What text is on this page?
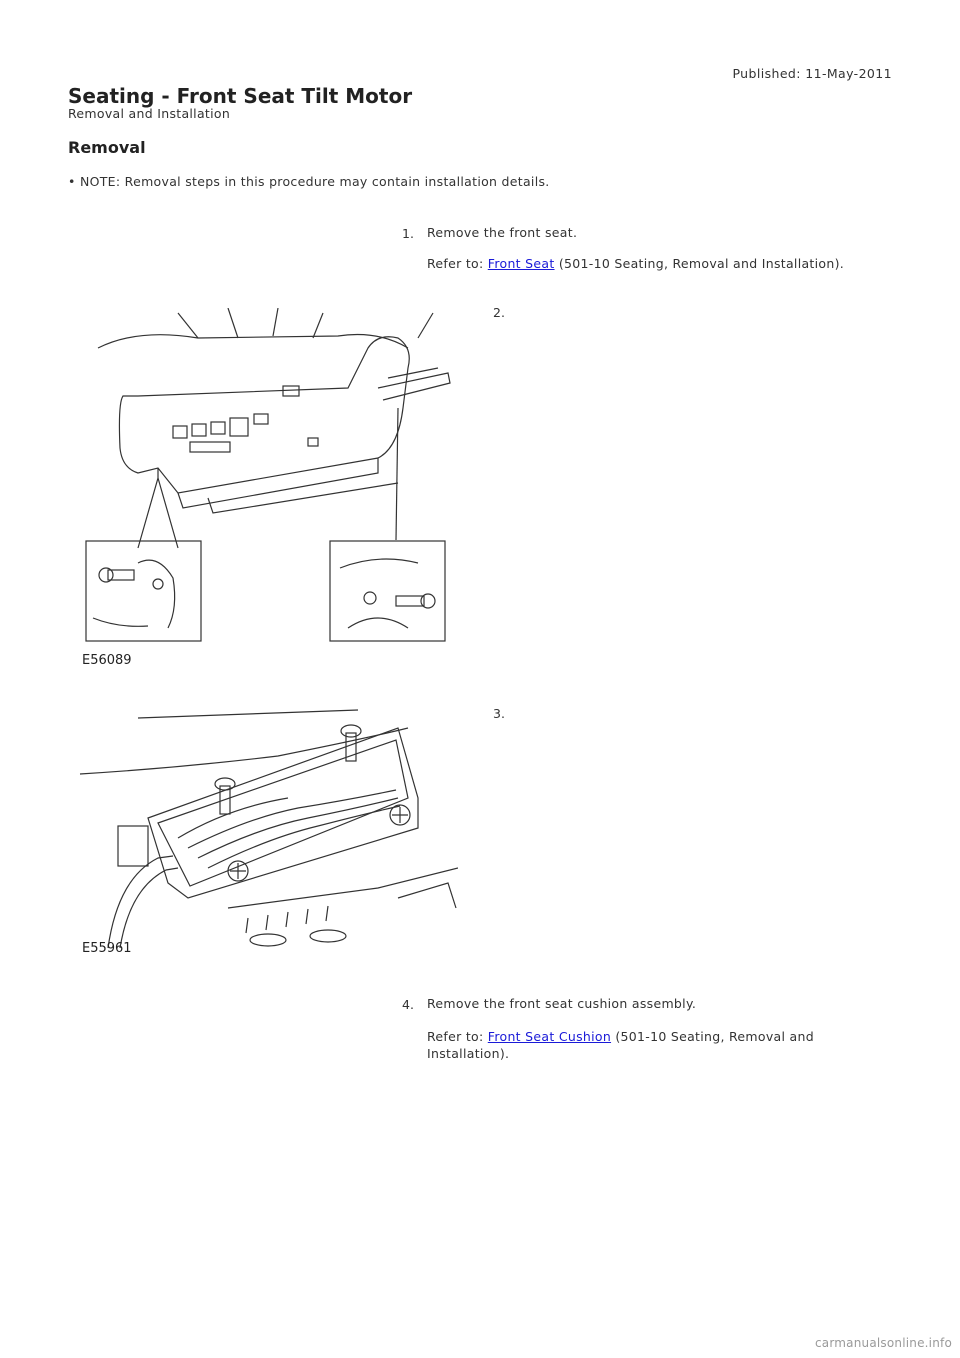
Published: 11-May-2011
Seating - Front Seat Tilt Motor
Removal and Installation
Removal
• NOTE: Removal steps in this procedure may contain installation details.
1. Remove the front seat.
Refer to: Front Seat (501-10 Seating, Removal and Installation).
2.
E56089
3.
E55961
4. Remove the front seat cushion assembly.
Refer to: Front Seat Cushion (501-10 Seating, Removal and
Installation).
carmanualsonline.info
